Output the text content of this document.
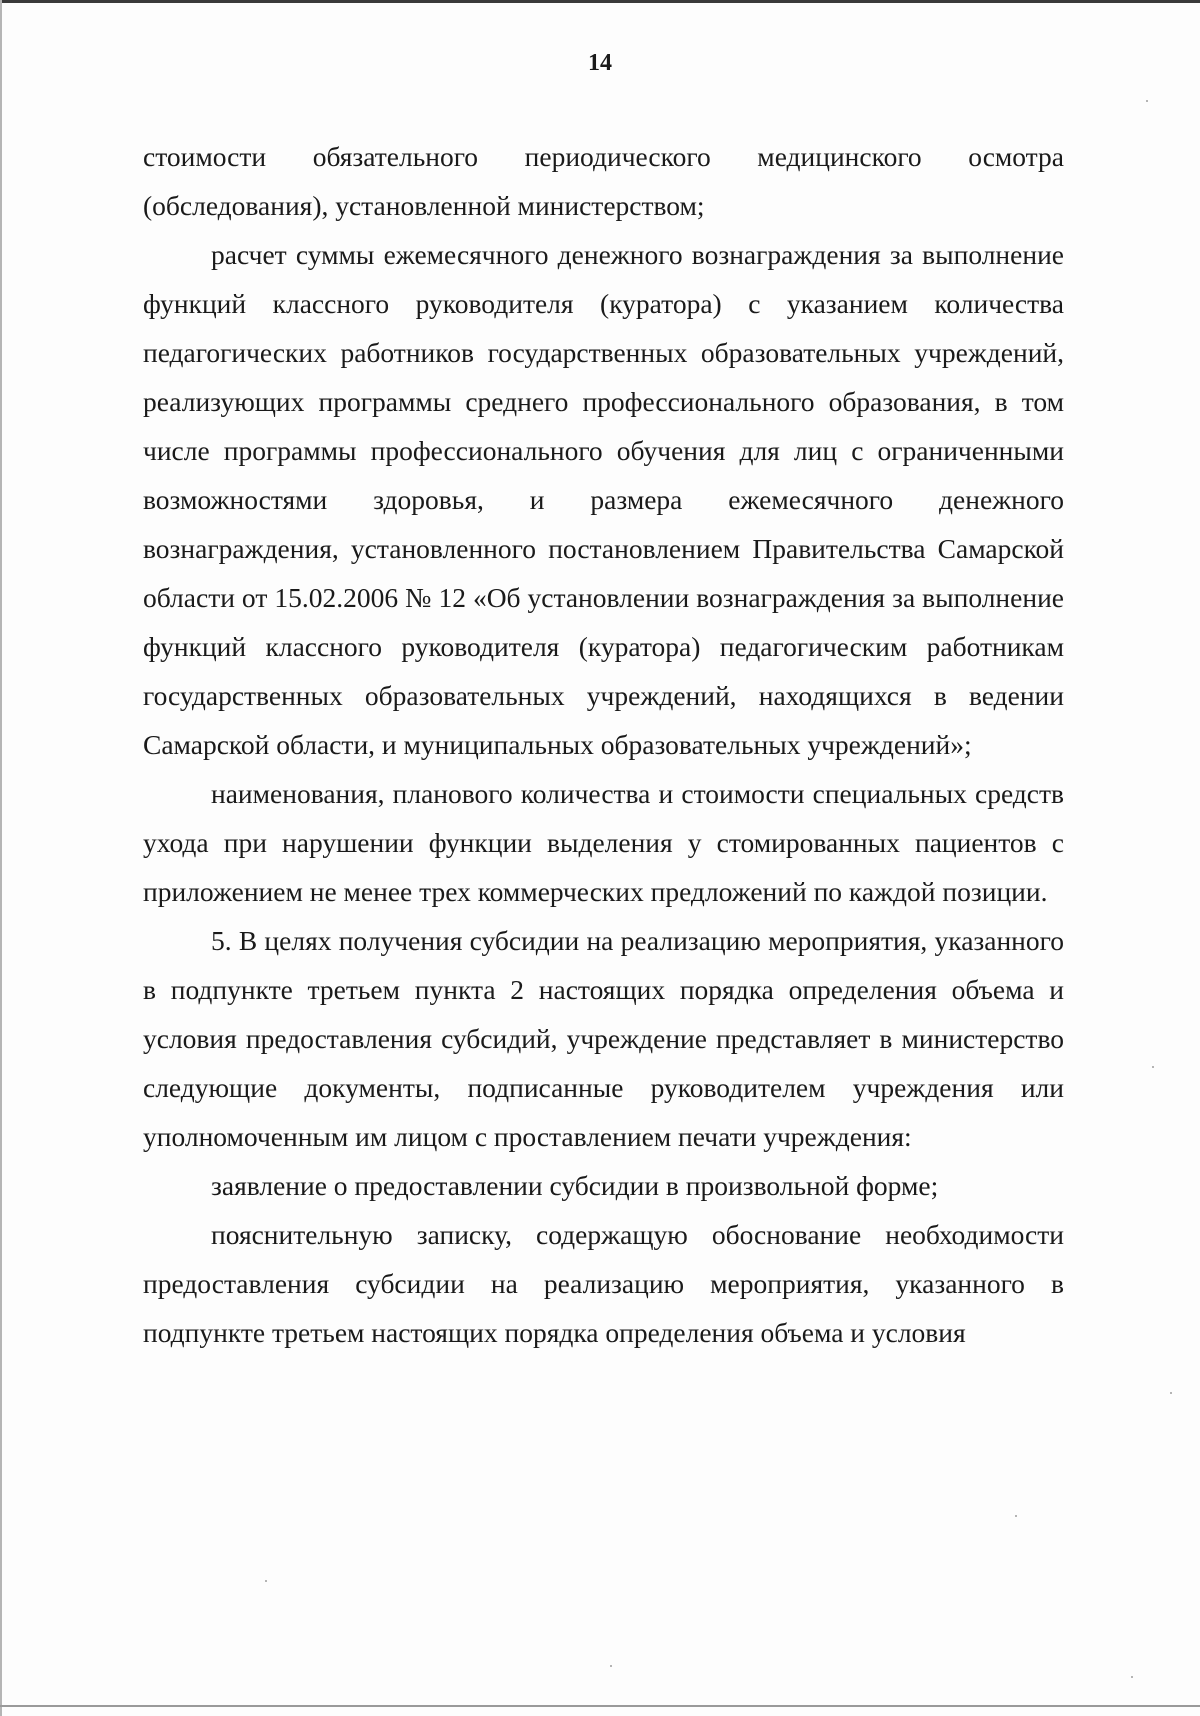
14

стоимости обязательного периодического медицинского осмотра (обследования), установленной министерством;

расчет суммы ежемесячного денежного вознаграждения за выполнение функций классного руководителя (куратора) с указанием количества педагогических работников государственных образовательных учреждений, реализующих программы среднего профессионального образования, в том числе программы профессионального обучения для лиц с ограниченными возможностями здоровья, и размера ежемесячного денежного вознаграждения, установленного постановлением Правительства Самарской области от 15.02.2006 № 12 «Об установлении вознаграждения за выполнение функций классного руководителя (куратора) педагогическим работникам государственных образовательных учреждений, находящихся в ведении Самарской области, и муниципальных образовательных учреждений»;

наименования, планового количества и стоимости специальных средств ухода при нарушении функции выделения у стомированных пациентов с приложением не менее трех коммерческих предложений по каждой позиции.

5. В целях получения субсидии на реализацию мероприятия, указанного в подпункте третьем пункта 2 настоящих порядка определения объема и условия предоставления субсидий, учреждение представляет в министерство следующие документы, подписанные руководителем учреждения или уполномоченным им лицом с проставлением печати учреждения:

заявление о предоставлении субсидии в произвольной форме;

пояснительную записку, содержащую обоснование необходимости предоставления субсидии на реализацию мероприятия, указанного в подпункте третьем настоящих порядка определения объема и условия
